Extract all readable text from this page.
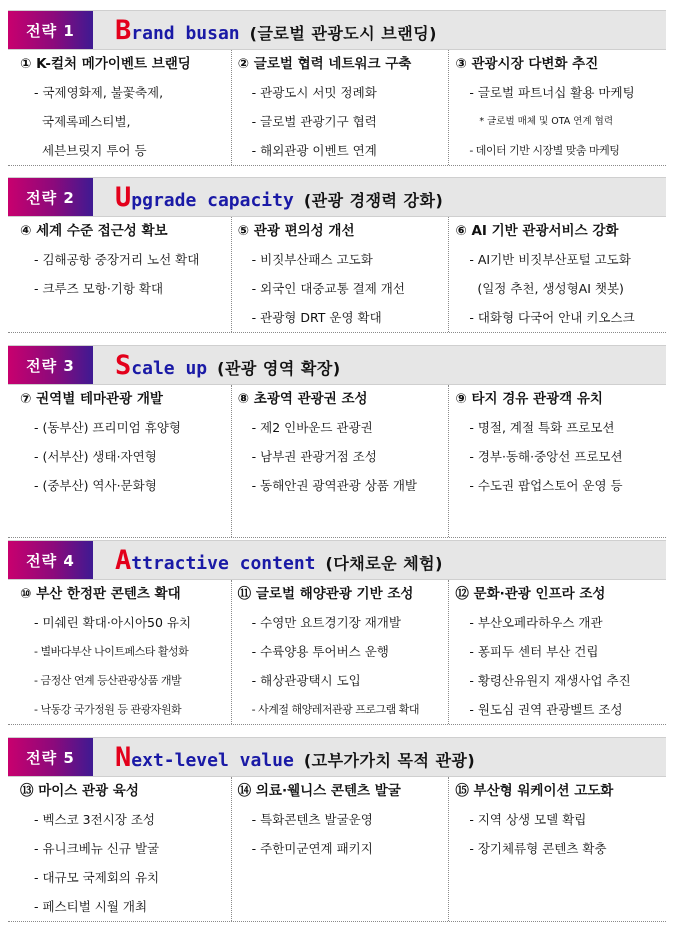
전략 1	B rand busan (글로벌 관광도시 브랜딩)
① K-컬처 메가이벤트 브랜딩
- 국제영화제, 불꽃축제,
국제록페스티벌,
세븐브릿지 투어 등
② 글로벌 협력 네트워크 구축
- 관광도시 서밋 정례화
- 글로벌 관광기구 협력
- 해외관광 이벤트 연계
③ 관광시장 다변화 추진
- 글로벌 파트너십 활용 마케팅
* 글로벌 매체 및 OTA 연계 협력
- 데이터 기반 시장별 맞춤 마케팅
전략 2	U pgrade capacity (관광 경쟁력 강화)
④ 세계 수준 접근성 확보
- 김해공항 중장거리 노선 확대
- 크루즈 모항·기항 확대
⑤ 관광 편의성 개선
- 비짓부산패스 고도화
- 외국인 대중교통 결제 개선
- 관광형 DRT 운영 확대
⑥ AI 기반 관광서비스 강화
- AI기반 비짓부산포털 고도화
(일정 추천, 생성형AI 챗봇)
- 대화형 다국어 안내 키오스크
전략 3	S cale up (관광 영역 확장)
⑦ 권역별 테마관광 개발
- (동부산) 프리미엄 휴양형
- (서부산) 생태·자연형
- (중부산) 역사·문화형
⑧ 초광역 관광권 조성
- 제2 인바운드 관광권
- 남부권 관광거점 조성
- 동해안권 광역관광 상품 개발
⑨ 타지 경유 관광객 유치
- 명절, 계절 특화 프로모션
- 경부·동해·중앙선 프로모션
- 수도권 팝업스토어 운영 등
전략 4	A ttractive content (다채로운 체험)
⑩ 부산 한정판 콘텐츠 확대
- 미쉐린 확대·아시아50 유치
- 별바다부산 나이트페스타 활성화
- 금정산 연계 등산관광상품 개발
- 낙동강 국가정원 등 관광자원화
⑪ 글로벌 해양관광 기반 조성
- 수영만 요트경기장 재개발
- 수륙양용 투어버스 운행
- 해상관광택시 도입
- 사계절 해양레저관광 프로그램 확대
⑫ 문화·관광 인프라 조성
- 부산오페라하우스 개관
- 퐁피두 센터 부산 건립
- 황령산유원지 재생사업 추진
- 원도심 권역 관광벨트 조성
전략 5	N ext-level value (고부가가치 목적 관광)
⑬ 마이스 관광 육성
- 벡스코 3전시장 조성
- 유니크베뉴 신규 발굴
- 대규모 국제회의 유치
- 페스티벌 시월 개최
⑭ 의료·웰니스 콘텐츠 발굴
- 특화콘텐츠 발굴운영
- 주한미군연계 패키지
⑮ 부산형 워케이션 고도화
- 지역 상생 모델 확립
- 장기체류형 콘텐츠 확충
